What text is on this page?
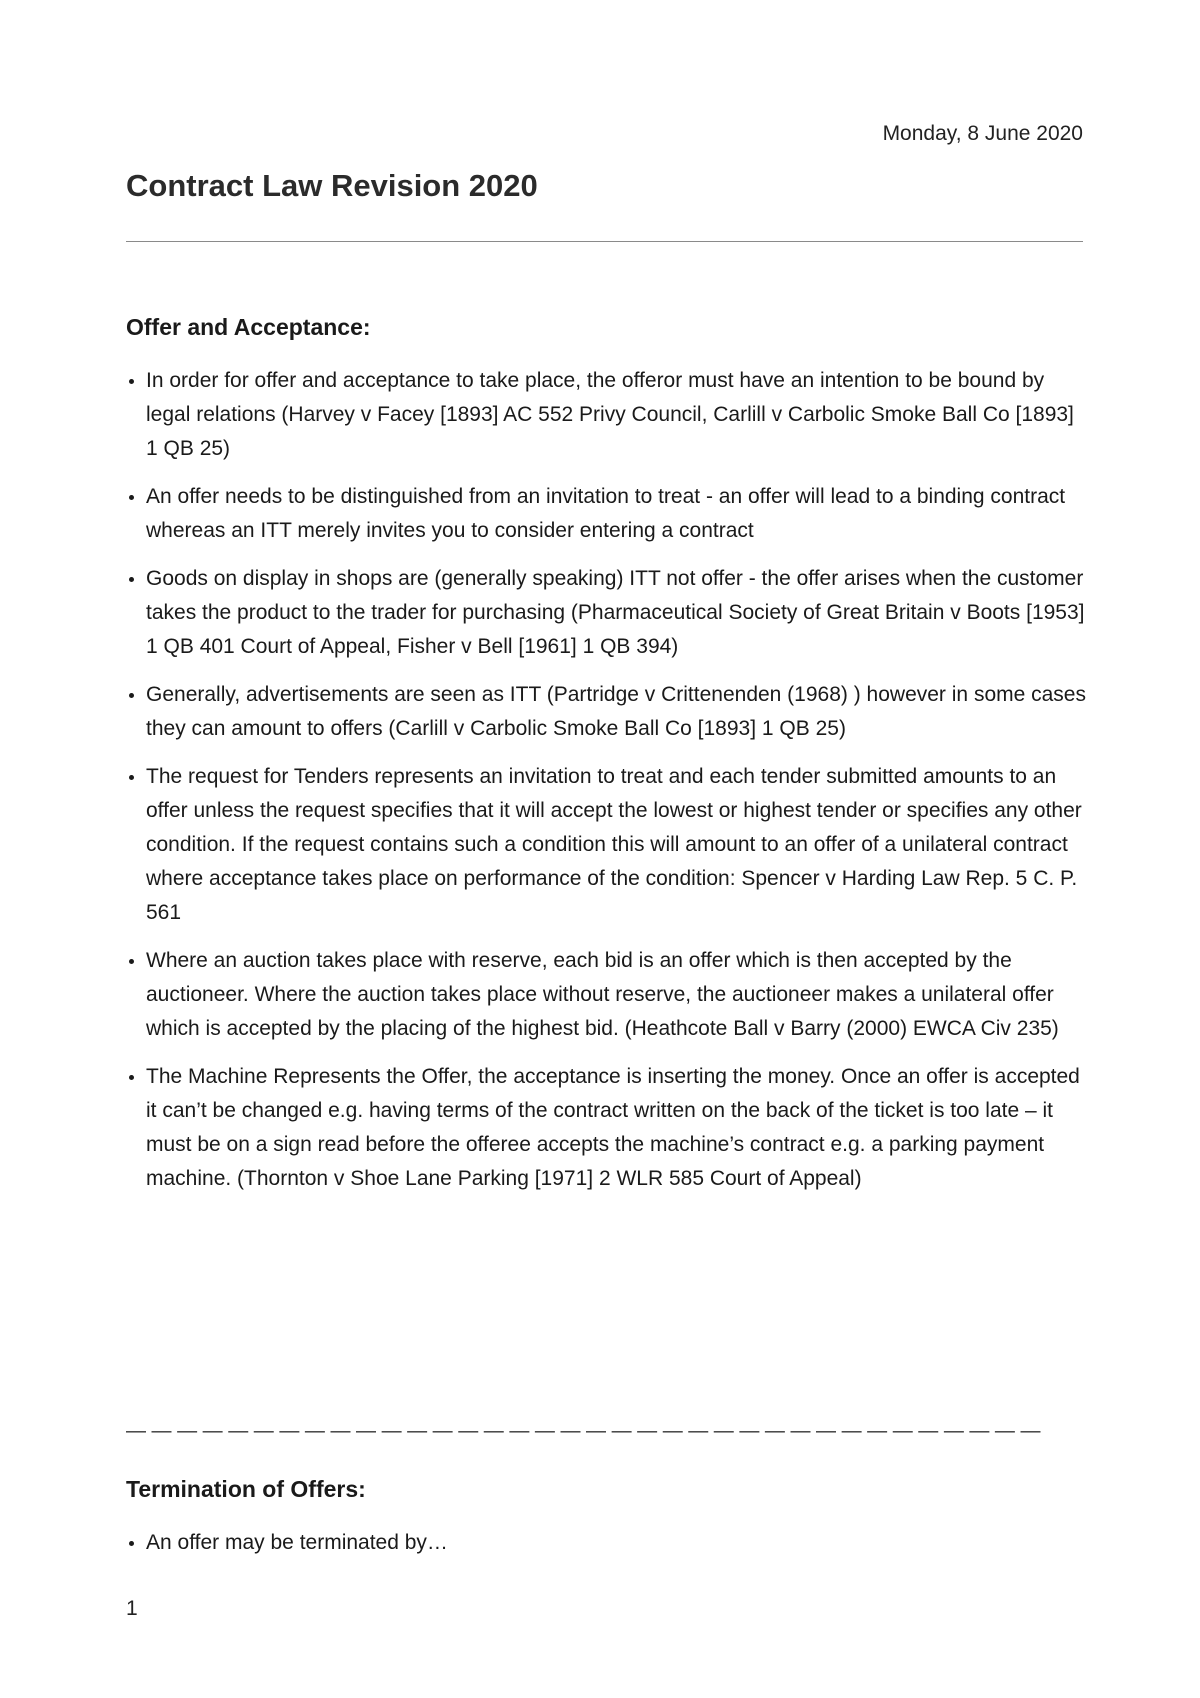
Monday, 8 June 2020
Contract Law Revision 2020
Offer and Acceptance:
In order for offer and acceptance to take place, the offeror must have an intention to be bound by legal relations (Harvey v Facey [1893] AC 552 Privy Council, Carlill v Carbolic Smoke Ball Co [1893] 1 QB 25)
An offer needs to be distinguished from an invitation to treat - an offer will lead to a binding contract whereas an ITT merely invites you to consider entering a contract
Goods on display in shops are (generally speaking) ITT not offer - the offer arises when the customer takes the product to the trader for purchasing (Pharmaceutical Society of Great Britain v Boots [1953] 1 QB 401 Court of Appeal, Fisher v Bell [1961] 1 QB 394)
Generally, advertisements are seen as ITT (Partridge v Crittenenden (1968) ) however in some cases they can amount to offers (Carlill v Carbolic Smoke Ball Co [1893] 1 QB 25)
The request for Tenders represents an invitation to treat and each tender submitted amounts to an offer unless the request specifies that it will accept the lowest or highest tender or specifies any other condition. If the request contains such a condition this will amount to an offer of a unilateral contract where acceptance takes place on performance of the condition: Spencer v Harding Law Rep. 5 C. P. 561
Where an auction takes place with reserve, each bid is an offer which is then accepted by the auctioneer. Where the auction takes place without reserve, the auctioneer makes a unilateral offer which is accepted by the placing of the highest bid. (Heathcote Ball v Barry (2000) EWCA Civ 235)
The Machine Represents the Offer, the acceptance is inserting the money. Once an offer is accepted it can’t be changed e.g. having terms of the contract written on the back of the ticket is too late – it must be on a sign read before the offeree accepts the machine’s contract e.g. a parking payment machine. (Thornton v Shoe Lane Parking [1971] 2 WLR 585 Court of Appeal)
— — — — — — — — — — — — — — — — — — — — — — — — — — — — — — — — — — — —
Termination of Offers:
An offer may be terminated by…
1
